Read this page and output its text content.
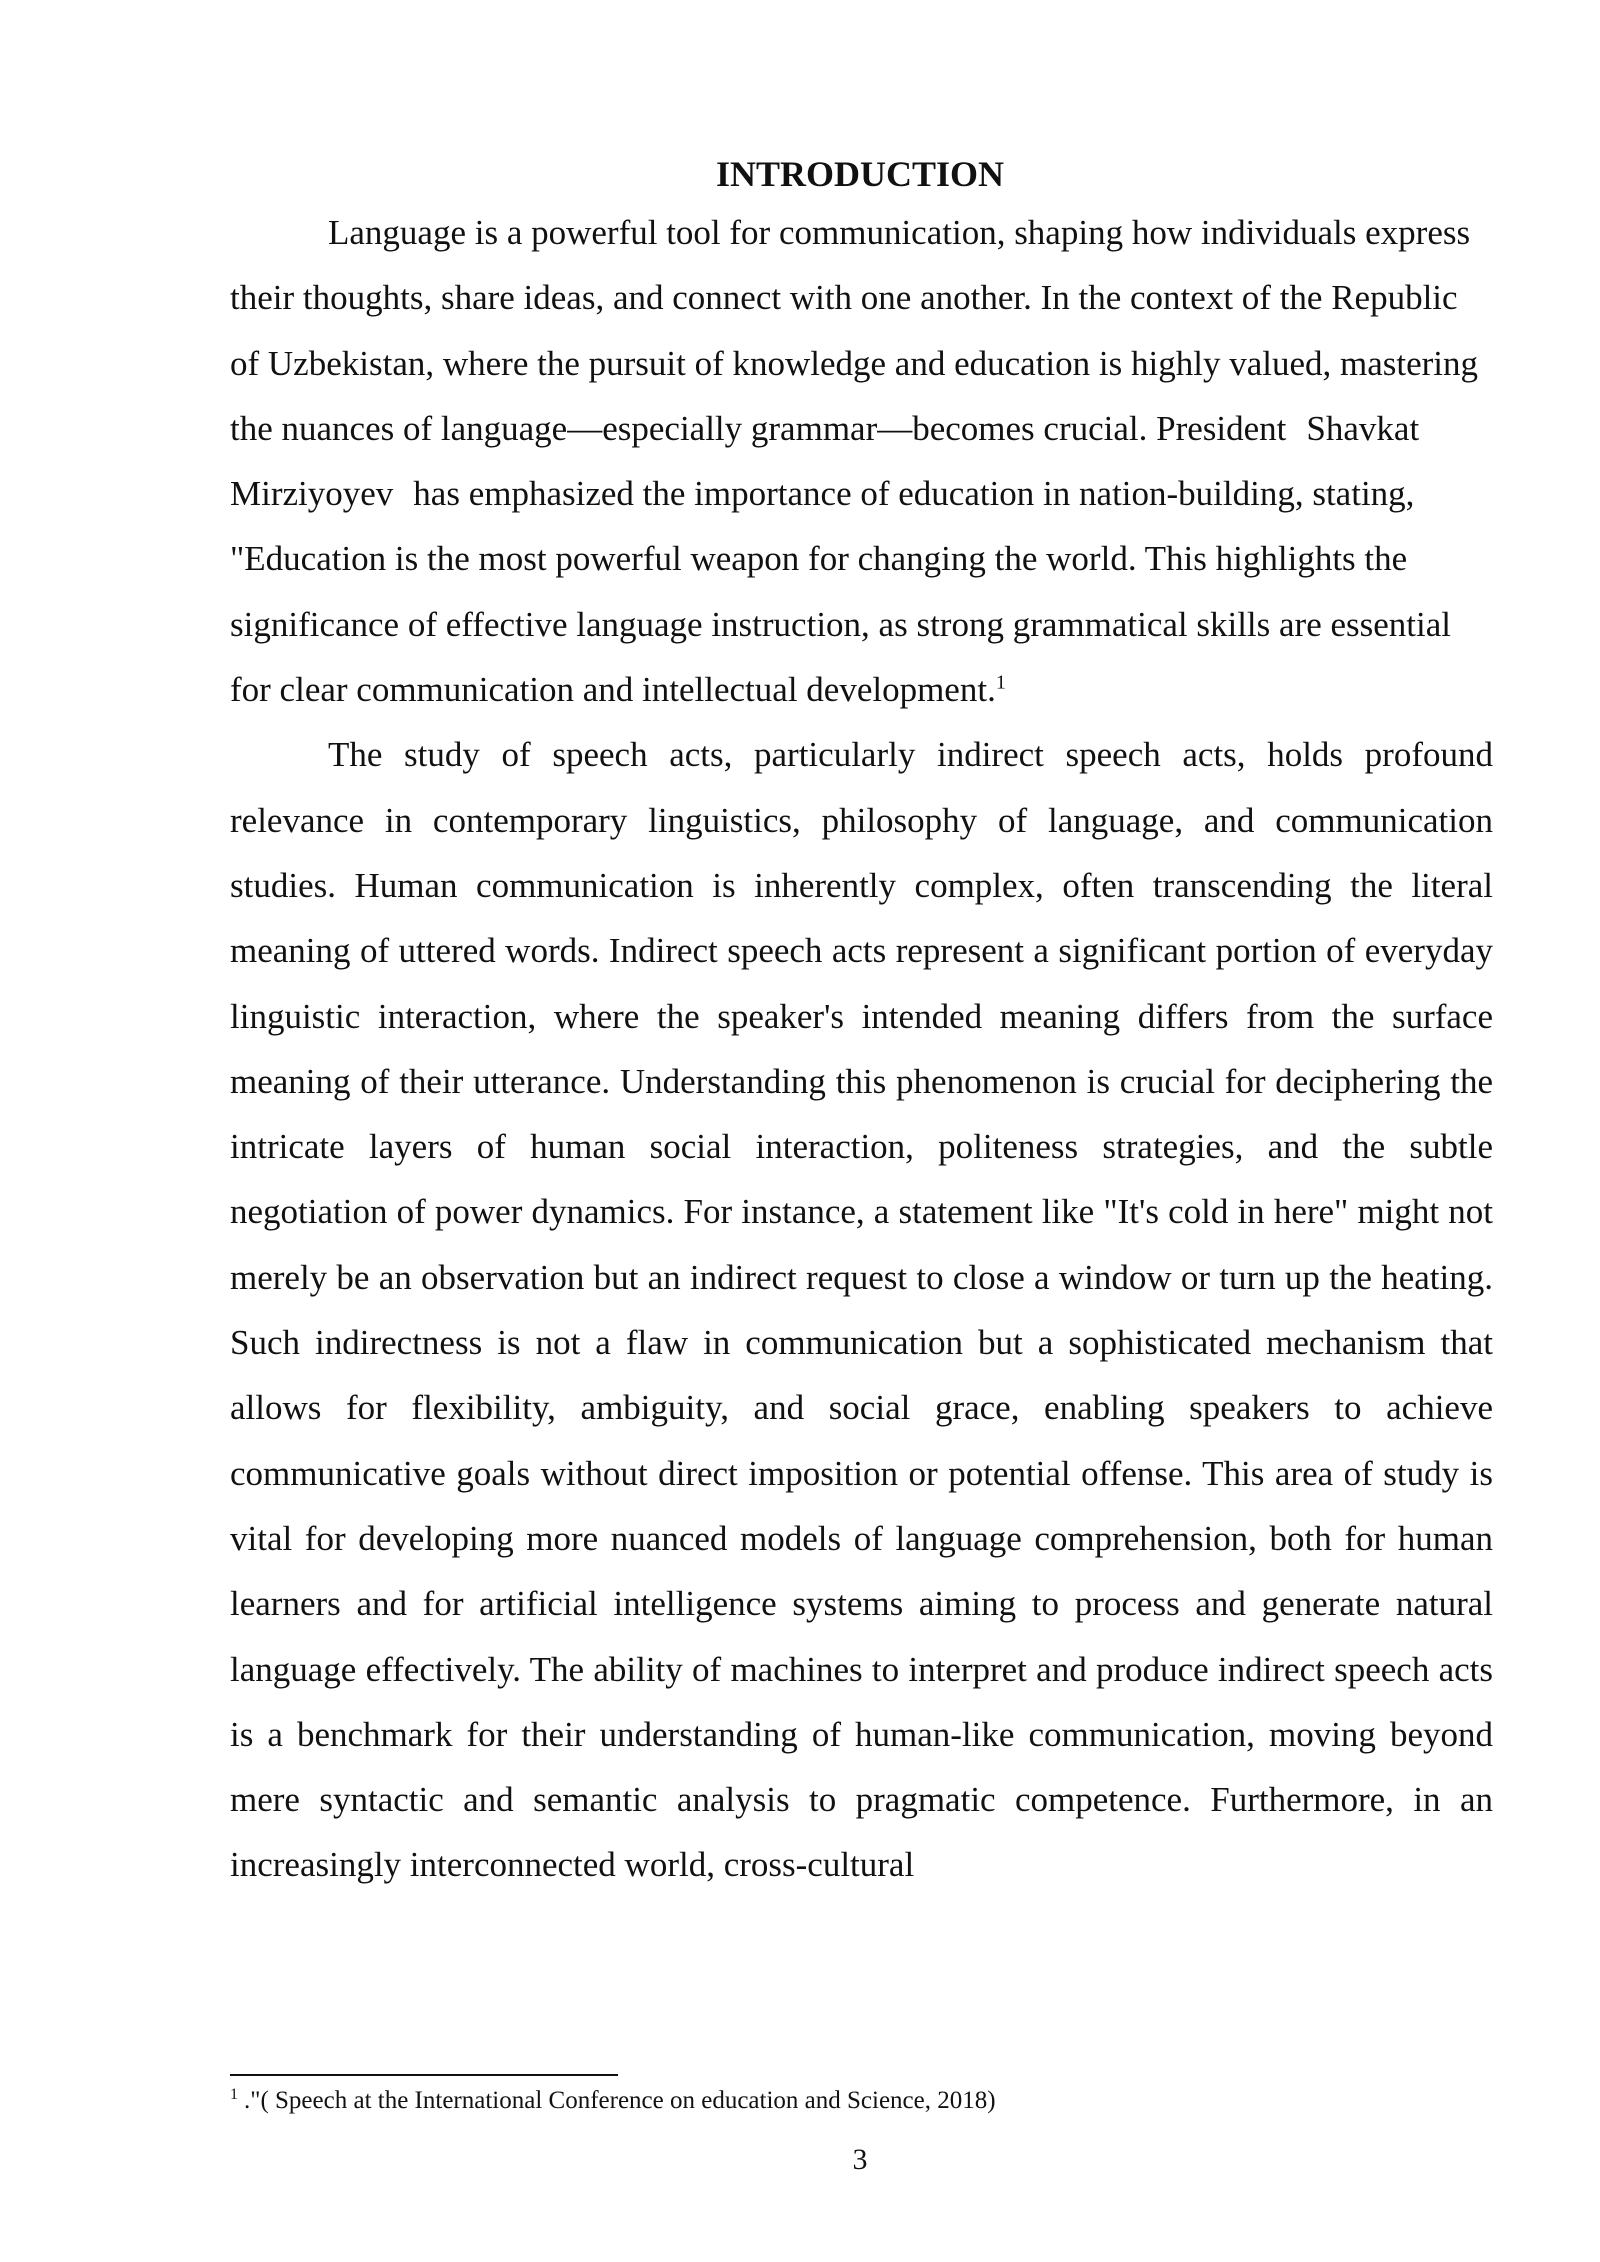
INTRODUCTION

Language is a powerful tool for communication, shaping how individuals express their thoughts, share ideas, and connect with one another. In the context of the Republic of Uzbekistan, where the pursuit of knowledge and education is highly valued, mastering the nuances of language—especially grammar—becomes crucial. President ShavkatMirziyoyev has emphasized the importance of education in nation-building, stating, "Education is the most powerful weapon for changing the world. This highlights the significance of effective language instruction, as strong grammatical skills are essential for clear communication and intellectual development.$^1$

The study of speech acts, particularly indirect speech acts, holds profound relevance in contemporary linguistics, philosophy of language, and communication studies. Human communication is inherently complex, often transcending the literal meaning of uttered words. Indirect speech acts represent a significant portion of everyday linguistic interaction, where the speaker's intended meaning differs from the surface meaning of their utterance. Understanding this phenomenon is crucial for deciphering the intricate layers of human social interaction, politeness strategies, and the subtle negotiation of power dynamics. For instance, a statement like "It's cold in here" might not merely be an observation but an indirect request to close a window or turn up the heating. Such indirectness is not a flaw in communication but a sophisticated mechanism that allows for flexibility, ambiguity, and social grace, enabling speakers to achieve communicative goals without direct imposition or potential offense. This area of study is vital for developing more nuanced models of language comprehension, both for human learners and for artificial intelligence systems aiming to process and generate natural language effectively. The ability of machines to interpret and produce indirect speech acts is a benchmark for their understanding of human-like communication, moving beyond mere syntactic and semantic analysis to pragmatic competence. Furthermore, in an increasingly interconnected world, cross-cultural

$^1$ ."( Speech at the International Conference on education and Science, 2018)
3
